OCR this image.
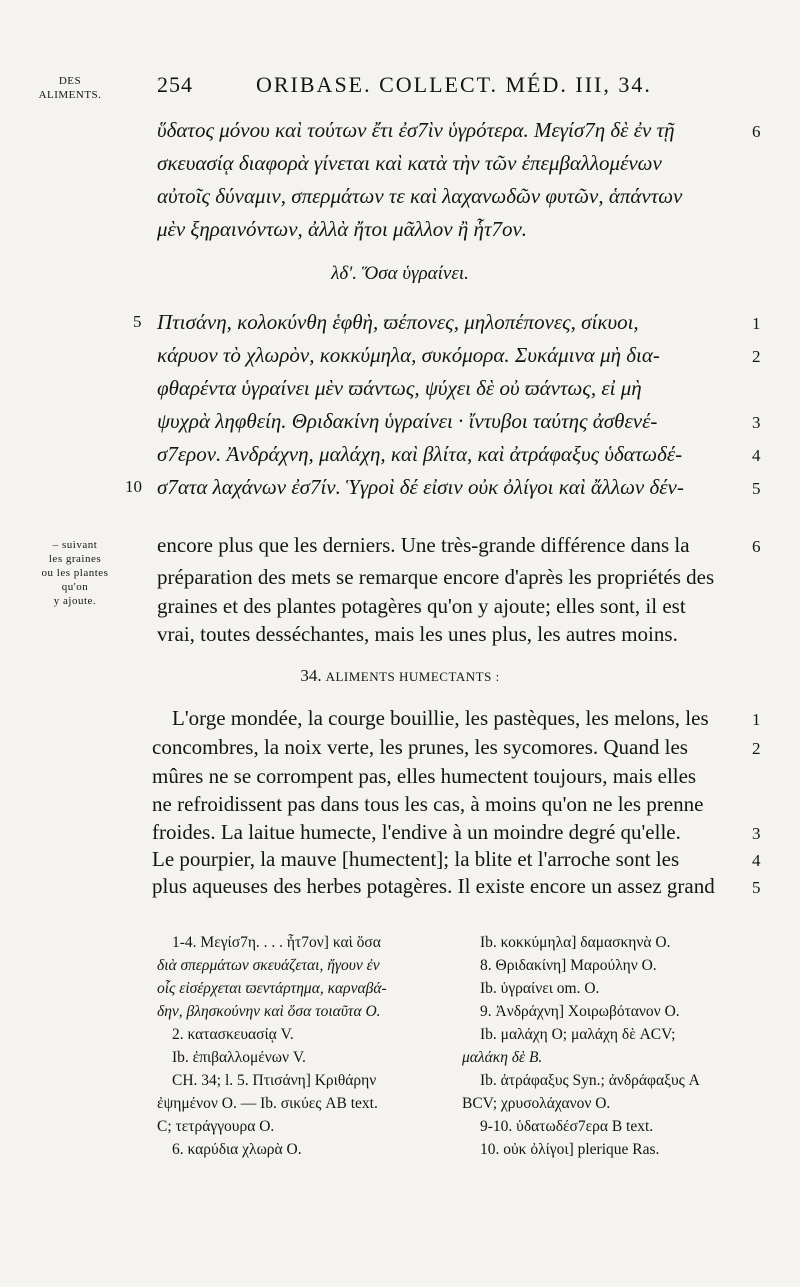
DES
ALIMENTS.	254	ORIBASE. COLLECT. MÉD. III, 34.
ὕδατος μόνου καὶ τούτων ἔτι ἐσ7ὶν ὑγρότερα. Μεγίσ7η δὲ ἐν τῇ	6
σκευασίᾳ διαφορὰ γίνεται καὶ κατὰ τὴν τῶν ἐπεμβαλλομένων
αὐτοῖς δύναμιν, σπερμάτων τε καὶ λαχανωδῶν φυτῶν, ἁπάντων
μὲν ξηραινόντων, ἀλλὰ ἤτοι μᾶλλον ἢ ἧτ7ον.
λδʹ. Ὅσα ὑγραίνει.
5 Πτισάνη, κολοκύνθη ἑφθὴ, ϖέπονες, μηλοπέπονες, σίκυοι,	1
κάρυον τὸ χλωρὸν, κοκκύμηλα, συκόμορα. Συκάμινα μὴ δια-	2
φθαρέντα ὑγραίνει μὲν ϖάντως, ψύχει δὲ οὐ ϖάντως, εἰ μὴ
ψυχρὰ ληφθείη. Θριδακίνη ὑγραίνει · ἴντυβοι ταύτης ἀσθενέ-	3
σ7ερον. Ἀνδράχνη, μαλάχη, καὶ βλίτα, καὶ ἀτράφαξυς ὑδατωδέ-	4
10 σ7ατα λαχάνων ἐσ7ίν. Ὑγροὶ δέ εἰσιν οὐκ ὀλίγοι καὶ ἄλλων δέν-	5
– suivant
les graines
ou les plantes
qu'on
y ajoute.
encore plus que les derniers. Une très-grande différence dans la	6
préparation des mets se remarque encore d'après les propriétés des
graines et des plantes potagères qu'on y ajoute; elles sont, il est
vrai, toutes desséchantes, mais les unes plus, les autres moins.
34. ALIMENTS HUMECTANTS :
L'orge mondée, la courge bouillie, les pastèques, les melons, les	1
concombres, la noix verte, les prunes, les sycomores. Quand les	2
mûres ne se corrompent pas, elles humectent toujours, mais elles
ne refroidissent pas dans tous les cas, à moins qu'on ne les prenne
froides. La laitue humecte, l'endive à un moindre degré qu'elle.	3
Le pourpier, la mauve [humectent]; la blite et l'arroche sont les	4
plus aqueuses des herbes potagères. Il existe encore un assez grand 5
1-4. Μεγίσ7η. . . . ἧτ7ον] καὶ ὅσα
διὰ σπερμάτων σκευάζεται, ἤγουν ἐν
οἷς εἰσέρχεται ϖεντάρτημα, καρναβά-
δην, βλησκούνην καὶ ὅσα τοιαῦτα O.
2. κατασκευασίᾳ V.
Ib. ἐπιβαλλομένων V.
CH. 34; l. 5. Πτισάνη] Κριθάρην
ἐψημένον O. — Ib. σικύες AB text.
C; τετράγγουρα O.
6. καρύδια χλωρὰ O.
Ib. κοκκύμηλα] δαμασκηνὰ O.
8. Θριδακίνη] Μαρούλην O.
Ib. ὑγραίνει om. O.
9. Ἀνδράχνη] Χοιρωβότανον O.
Ib. μαλάχη O; μαλάχη δὲ ACV;
μαλάκη δὲ B.
Ib. ἀτράφαξυς Syn.; ἀνδράφαξυς A
BCV; χρυσολάχανον O.
9-10. ὑδατωδέσ7ερα B text.
10. οὐκ ὀλίγοι] plerique Ras.
